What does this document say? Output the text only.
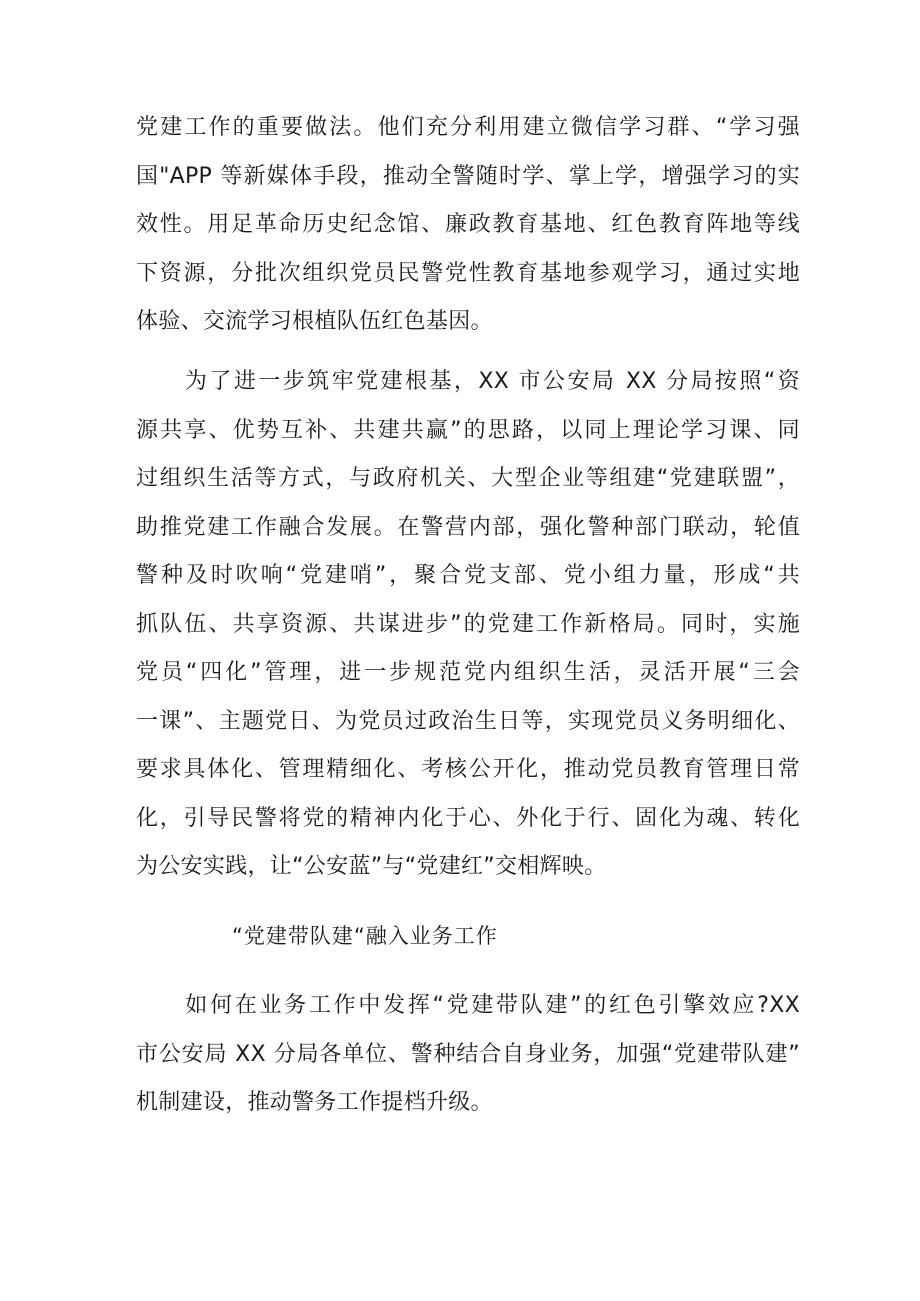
党建工作的重要做法。他们充分利用建立微信学习群、“学习强
国"APP 等新媒体手段，推动全警随时学、掌上学，增强学习的实
效性。用足革命历史纪念馆、廉政教育基地、红色教育阵地等线
下资源，分批次组织党员民警党性教育基地参观学习，通过实地
体验、交流学习根植队伍红色基因。
　　为了进一步筑牢党建根基，XX 市公安局 XX 分局按照“资
源共享、优势互补、共建共赢”的思路，以同上理论学习课、同
过组织生活等方式，与政府机关、大型企业等组建“党建联盟”，
助推党建工作融合发展。在警营内部，强化警种部门联动，轮值
警种及时吹响“党建哨”，聚合党支部、党小组力量，形成“共
抓队伍、共享资源、共谋进步”的党建工作新格局。同时，实施
党员“四化”管理，进一步规范党内组织生活，灵活开展“三会
一课”、主题党日、为党员过政治生日等，实现党员义务明细化、
要求具体化、管理精细化、考核公开化，推动党员教育管理日常
化，引导民警将党的精神内化于心、外化于行、固化为魂、转化
为公安实践，让“公安蓝”与“党建红”交相辉映。
“党建带队建“融入业务工作
　　如何在业务工作中发挥“党建带队建”的红色引擎效应?XX
市公安局 XX 分局各单位、警种结合自身业务，加强“党建带队建”
机制建设，推动警务工作提档升级。
